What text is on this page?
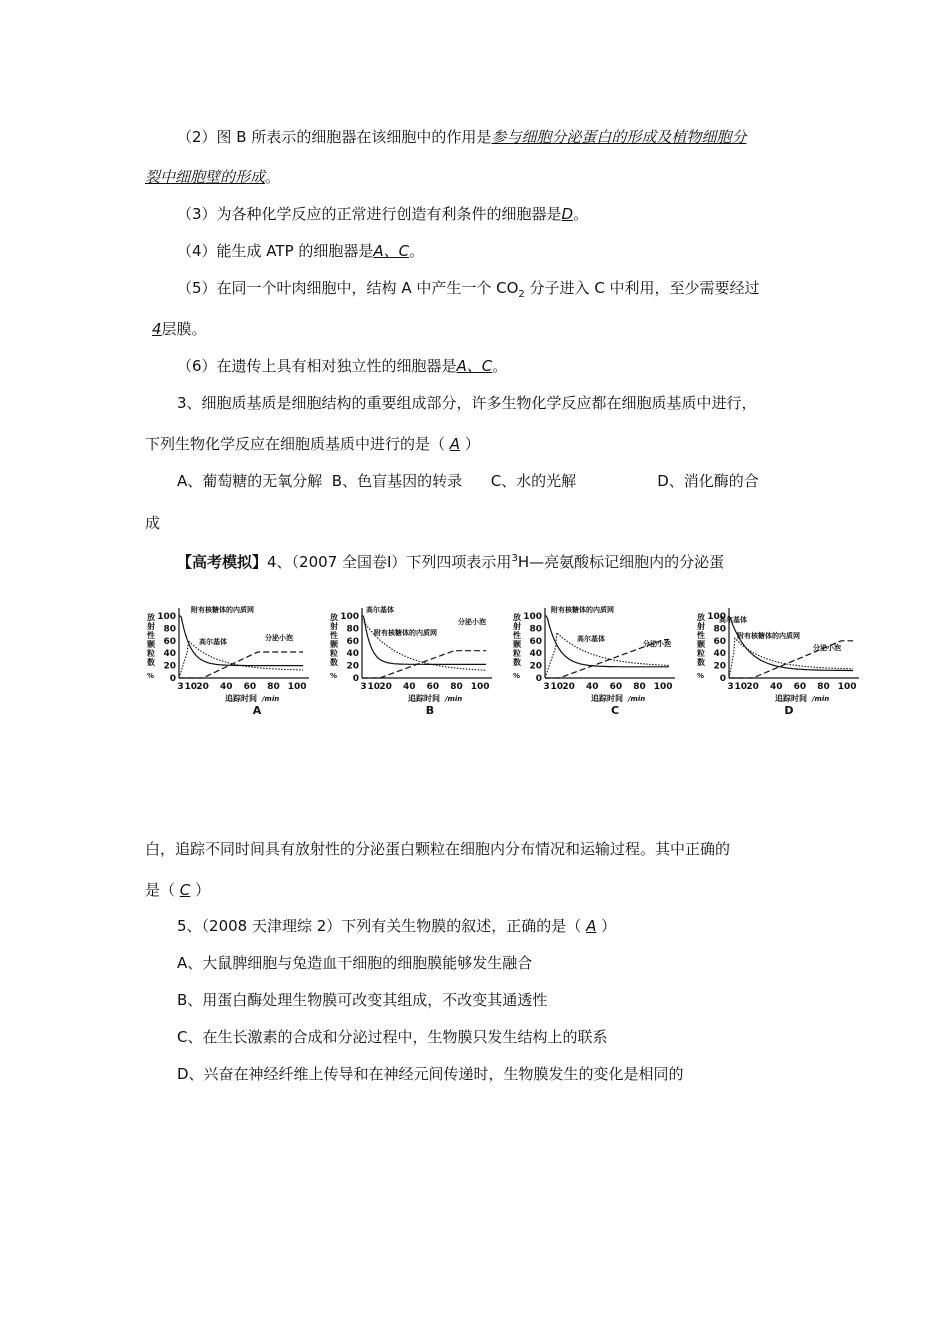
（2）图 B 所表示的细胞器在该细胞中的作用是参与细胞分泌蛋白的形成及植物细胞分
裂中细胞壁的形成。
（3）为各种化学反应的正常进行创造有利条件的细胞器是D。
（4）能生成 ATP 的细胞器是A、C。
（5）在同一个叶肉细胞中，结构 A 中产生一个 $CO_2$ 分子进入 C 中利用，至少需要经过
4层膜。
（6）在遗传上具有相对独立性的细胞器是A、C。
3、细胞质基质是细胞结构的重要组成部分，许多生物化学反应都在细胞质基质中进行，
下列生物化学反应在细胞质基质中进行的是（ A ）
A、葡萄糖的无氧分解  B、色盲基因的转录      C、水的光解                 D、消化酶的合
成
【高考模拟】4、（2007 全国卷Ⅰ）下列四项表示用$^3$H—亮氨酸标记细胞内的分泌蛋
放
射
性
颗
粒
数
%
100
80
60
40
20
0
3 10 20 40 60 80 100
追踪时间 /min
附有核糖体的内质网
高尔基体	分泌小泡
A
放
射
性
颗
粒
数
%
100
80
60
40
20
0
3 10 20 40 60 80 100
追踪时间 /min
附有核糖体的内质网
高尔基体
分泌小泡
B
放
射
性
颗
粒
数
%
100
80
60
40
20
0
3 10 20 40 60 80 100
追踪时间 /min
附有核糖体的内质网
高尔基体
分泌小泡
C
放
射
性
颗
粒
数
%
100
80
60
40
20
0
3 10 20 40 60 80 100
追踪时间 /min
附有核糖体的内质网
高尔基体
分泌小泡
D
白，追踪不同时间具有放射性的分泌蛋白颗粒在细胞内分布情况和运输过程。其中正确的
是（ C ）
5、（2008 天津理综 2）下列有关生物膜的叙述，正确的是（ A ）
A、大鼠脾细胞与兔造血干细胞的细胞膜能够发生融合
B、用蛋白酶处理生物膜可改变其组成，不改变其通透性
C、在生长激素的合成和分泌过程中，生物膜只发生结构上的联系
D、兴奋在神经纤维上传导和在神经元间传递时，生物膜发生的变化是相同的
